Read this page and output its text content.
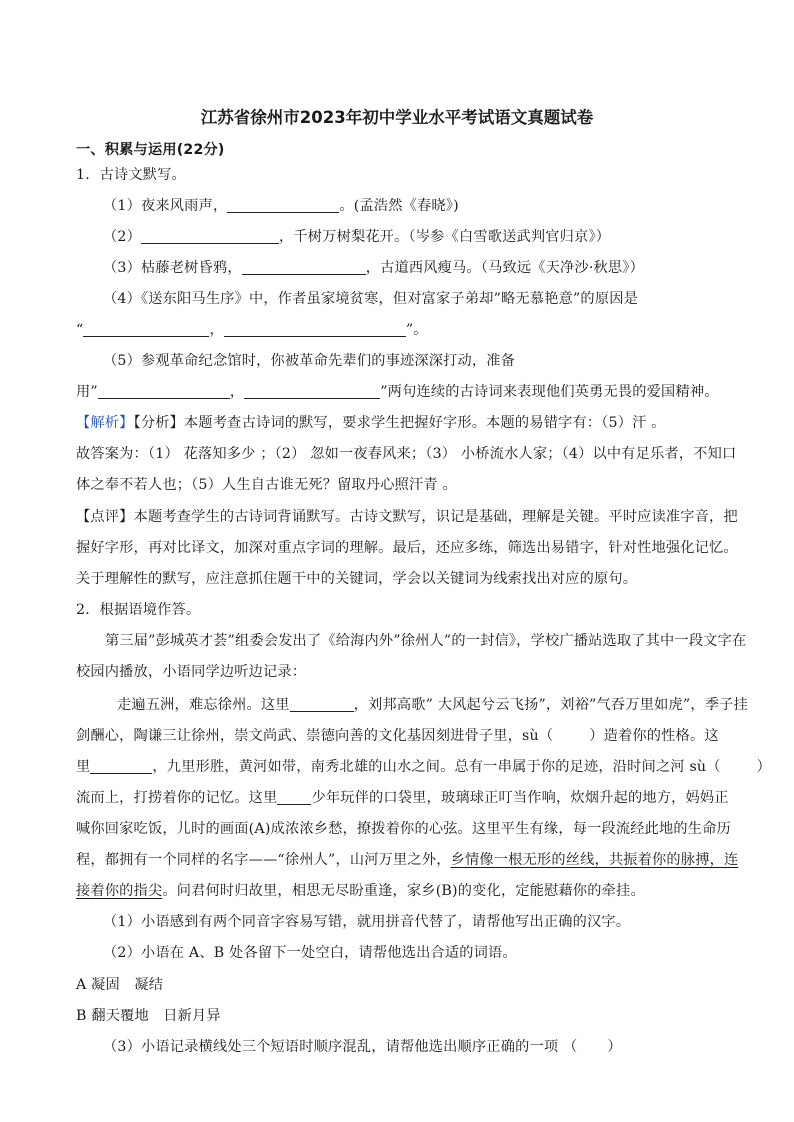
江苏省徐州市2023年初中学业水平考试语文真题试卷
一、积累与运用(22分)
1．古诗文默写。
（1）夜来风雨声，	。(孟浩然《春晓》)
（2）	，千树万树梨花开。（岑参《白雪歌送武判官归京》）
（3）枯藤老树昏鸦，	，古道西风瘦马。（马致远《天净沙·秋思》）
（4）《送东阳马生序》中，作者虽家境贫寒，但对富家子弟却”略无慕艳意”的原因是
“	，	”。
（5）参观革命纪念馆时，你被革命先辈们的事迹深深打动，准备
用”	，	”两句连续的古诗词来表现他们英勇无畏的爱国精神。
【解析】【分析】本题考查古诗词的默写，要求学生把握好字形。本题的易错字有：（5）汗 。
故答案为：（1） 花落知多少 ；（2） 忽如一夜春风来；（3） 小桥流水人家；（4）以中有足乐者，不知口
体之奉不若人也；（5）人生自古谁无死？留取丹心照汗青 。
【点评】本题考查学生的古诗词背诵默写。古诗文默写，识记是基础，理解是关键。平时应读准字音，把
握好字形，再对比译文，加深对重点字词的理解。最后，还应多练，筛选出易错字，针对性地强化记忆。
关于理解性的默写，应注意抓住题干中的关键词，学会以关键词为线索找出对应的原句。
2．根据语境作答。
第三届”彭城英才荟”组委会发出了《给海内外”徐州人”的一封信》，学校广播站选取了其中一段文字在
校园内播放，小语同学边听边记录：
走遍五洲，难忘徐州。这里	，刘邦高歌” 大风起兮云飞扬”，刘裕”气吞万里如虎”，季子挂
剑酬心，陶谦三让徐州，崇文尚武、崇德向善的文化基因刻进骨子里，sù（	）造着你的性格。这
里	，九里形胜，黄河如带，南秀北雄的山水之间。总有一串属于你的足迹，沿时间之河 sù（	）
流而上，打捞着你的记忆。这里 少年玩伴的口袋里，玻璃球正叮当作响，炊烟升起的地方，妈妈正
喊你回家吃饭，儿时的画面(A)成浓浓乡愁，撩拨着你的心弦。这里平生有缘，每一段流经此地的生命历
程，都拥有一个同样的名字——“徐州人”，山河万里之外，乡情像一根无形的丝线，共振着你的脉搏，连
接着你的指尖。问君何时归故里，相思无尽盼重逢，家乡(B)的变化，定能慰藉你的牵挂。
（1）小语感到有两个同音字容易写错，就用拼音代替了，请帮他写出正确的汉字。
（2）小语在 A、B 处各留下一处空白，请帮他选出合适的词语。
A 凝固　凝结
B 翻天覆地　日新月异
（3）小语记录横线处三个短语时顺序混乱，请帮他选出顺序正确的一项 （ ）
